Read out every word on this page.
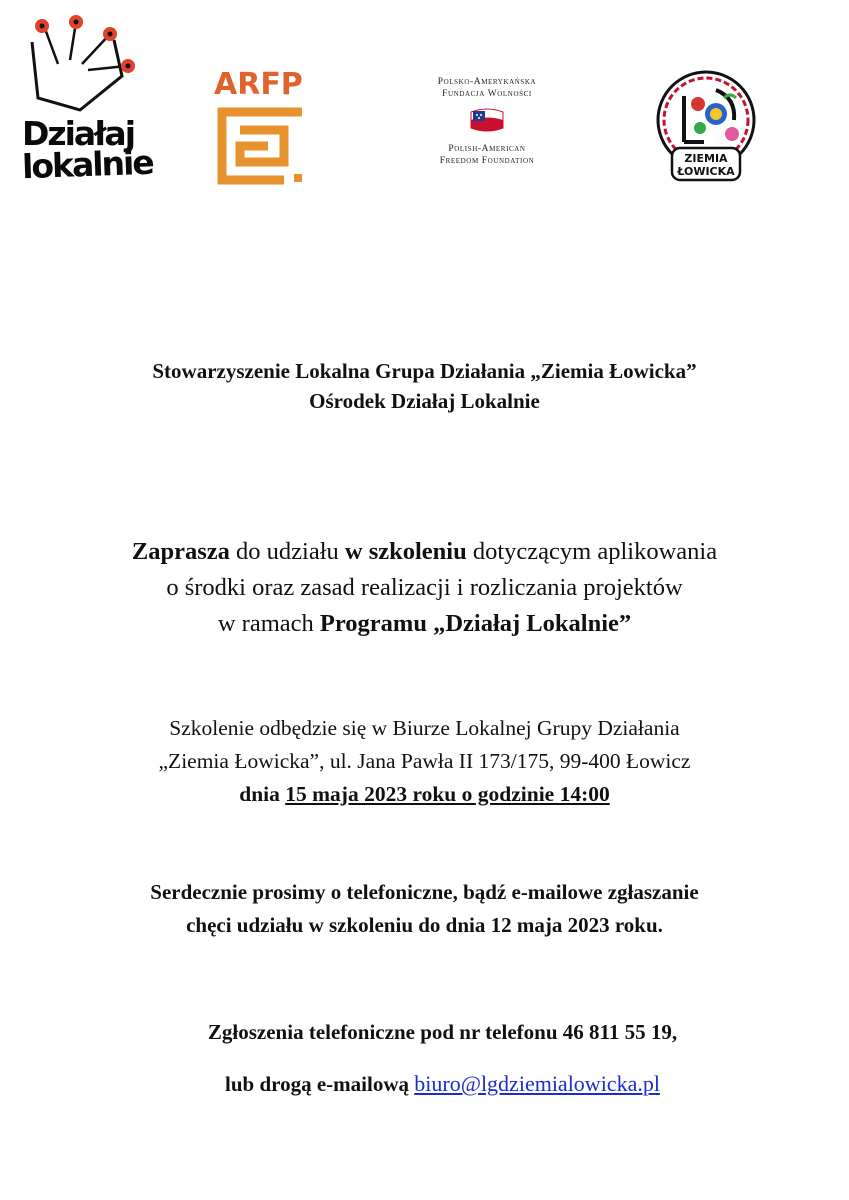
Działaj
lokalnie
ARFP	Polsko-Amerykańska
Fundacja Wolności
Polish-American
Freedom Foundation	ZIEMIA
ŁOWICKA
Stowarzyszenie Lokalna Grupa Działania „Ziemia Łowicka”
Ośrodek Działaj Lokalnie
Zaprasza do udziału w szkoleniu dotyczącym aplikowania
o środki oraz zasad realizacji i rozliczania projektów
w ramach Programu „Działaj Lokalnie”
Szkolenie odbędzie się w Biurze Lokalnej Grupy Działania
„Ziemia Łowicka”, ul. Jana Pawła II 173/175, 99-400 Łowicz
dnia 15 maja 2023 roku o godzinie 14:00
Serdecznie prosimy o telefoniczne, bądź e-mailowe zgłaszanie
chęci udziału w szkoleniu do dnia 12 maja 2023 roku.
Zgłoszenia telefoniczne pod nr telefonu 46 811 55 19,
lub drogą e-mailową biuro@lgdziemialowicka.pl
